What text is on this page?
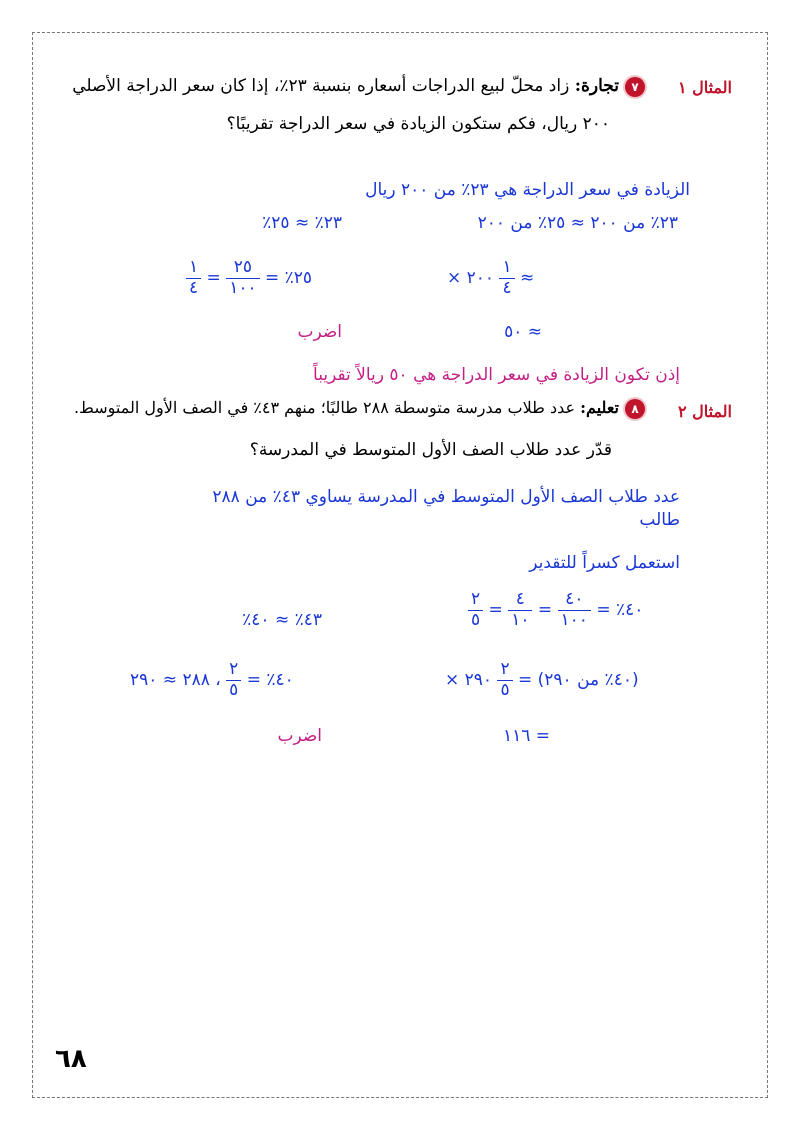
المثال ١
٧تجارة: زاد محلّ لبيع الدراجات أسعاره بنسبة ٢٣٪، إذا كان سعر الدراجة الأصلي
٢٠٠ ريال، فكم ستكون الزيادة في سعر الدراجة تقريبًا؟
الزيادة في سعر الدراجة هي ٢٣٪ من ٢٠٠ ريال
٢٣٪ من ٢٠٠ ≈ ٢٥٪ من ٢٠٠
٢٣٪ ≈ ٢٥٪
× ٢٠٠ $\frac{١}{٤}$ ≈
$\frac{١}{٤} = \frac{٢٥}{١٠٠}$ ٢٥٪ =
≈ ٥٠
اضرب
إذن تكون الزيادة في سعر الدراجة هي ٥٠ ريالاً تقريباً
المثال ٢
٨تعليم: عدد طلاب مدرسة متوسطة ٢٨٨ طالبًا؛ منهم ٤٣٪ في الصف الأول المتوسط.
قدّر عدد طلاب الصف الأول المتوسط في المدرسة؟
عدد طلاب الصف الأول المتوسط في المدرسة يساوي ٤٣٪ من ٢٨٨
طالب
استعمل كسراً للتقدير
$\frac{٢}{٥} = \frac{٤}{١٠} = \frac{٤٠}{١٠٠}$ ٤٠٪ =
٤٣٪ ≈ ٤٠٪
× ٢٩٠ $\frac{٢}{٥}$ (٤٠٪ من ٢٩٠) =
، ٢٨٨ ≈ ٢٩٠ $\frac{٢}{٥}$ ٤٠٪ =
= ١١٦
اضرب
٦٨
